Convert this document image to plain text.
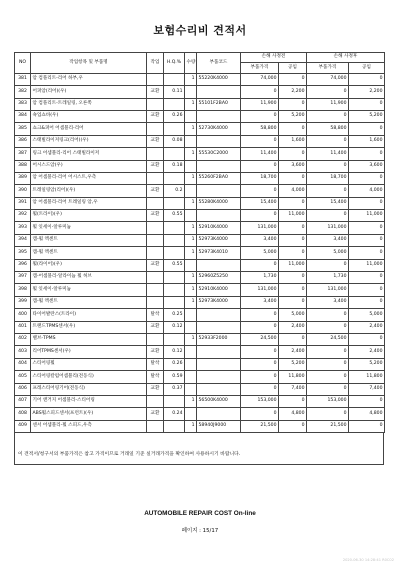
보험수리비 견적서
NO	작업항목 및 부품명	작업	H.Q.%	수량	부품코드	손해 사정전		손해 사정후	
						부품가격	공임	부품가격	공임
381	암 컴플리트-리어 하부,우			1	55220K4000	74,000	0	74,000	0
382	어퍼암(리어)(우)	교환	0.11			0	2,200	0	2,200
383	암 컴플리트-트레일링, 오른쪽			1	55101F2BA0	11,900	0	11,900	0
384	쇽업쇼바(우)	교환	0.26			0	5,200	0	5,200
385	쇼크&퍼어 어셈블리-리어			1	52730K4000	58,800	0	58,800	0
386	스태빌라이져링크(리어)(우)	교환	0.08			0	1,600	0	1,600
387	링크 어셈블리-리어 스태빌라이저			1	55530C2000	11,400	0	11,400	0
388	어시스드암(우)	교환	0.18			0	3,600	0	3,600
389	암 어셈블리-리어 어시스트,우측			1	55260F2BA0	18,700	0	18,700	0
390	트레일링암(리어)(우)	교환	0.2			0	4,000	0	4,000
391	암 어셈블리-리어 트레일링 암,우			1	55280K4000	15,400	0	15,400	0
392	휠(트라이)(우)	교환	0.55			0	11,000	0	11,000
393	휠 잇세이-알루미늄			1	52910K4000	131,000	0	131,000	0
394	캡-휠 액센트			1	52973K4000	3,400	0	3,400	0
395	캡-휠 액센트			1	52973K4010	5,000	0	5,000	0
396	휠(라이어)(우)	교환	0.55			0	11,000	0	11,000
397	캡-어셈블리-알라이늄 휠 허브			1	52960Z5250	1,730	0	1,730	0
398	휠 잇세이-알루미늄			1	52910K4000	131,000	0	131,000	0
399	캡-휠 액센트			1	52973K4000	3,400	0	3,400	0
400	타이어발란스(트라이)	탈착	0.25			0	5,000	0	5,000
401	트랜드TPMS센서(우)	교환	0.12			0	2,400	0	2,400
402	밸브-TPMS			1	52933F2000	24,500	0	24,500	0
403	리어TPMS센서(우)	교환	0.12			0	2,400	0	2,400
404	스티어링휠	탈착	0.26			0	5,200	0	5,200
405	스티어링칼럼어셈블리(전동식)	탈착	0.59			0	11,800	0	11,800
406	프레스티어링기어(전동식)	교환	0.37			0	7,400	0	7,400
407	기어 앤거지 어셈블리-스티어링			1	56500K4000	153,000	0	153,000	0
408	ABS휠스피드센서(프런트)(우)	교환	0.24			0	4,800	0	4,800
409	센서 어셈블리-휠 스피드,우측			1	58940J9000	21,500	0	21,500	0
이 견적서/청구서의 부품가격은 참고 가격이므로 거래일 기준 실거래가격을 확인하여 사용하시기 바랍니다.
AUTOMOBILE REPAIR COST On-line
페이지 : 15/17
2020-06-30 14:28:41 R0C02
